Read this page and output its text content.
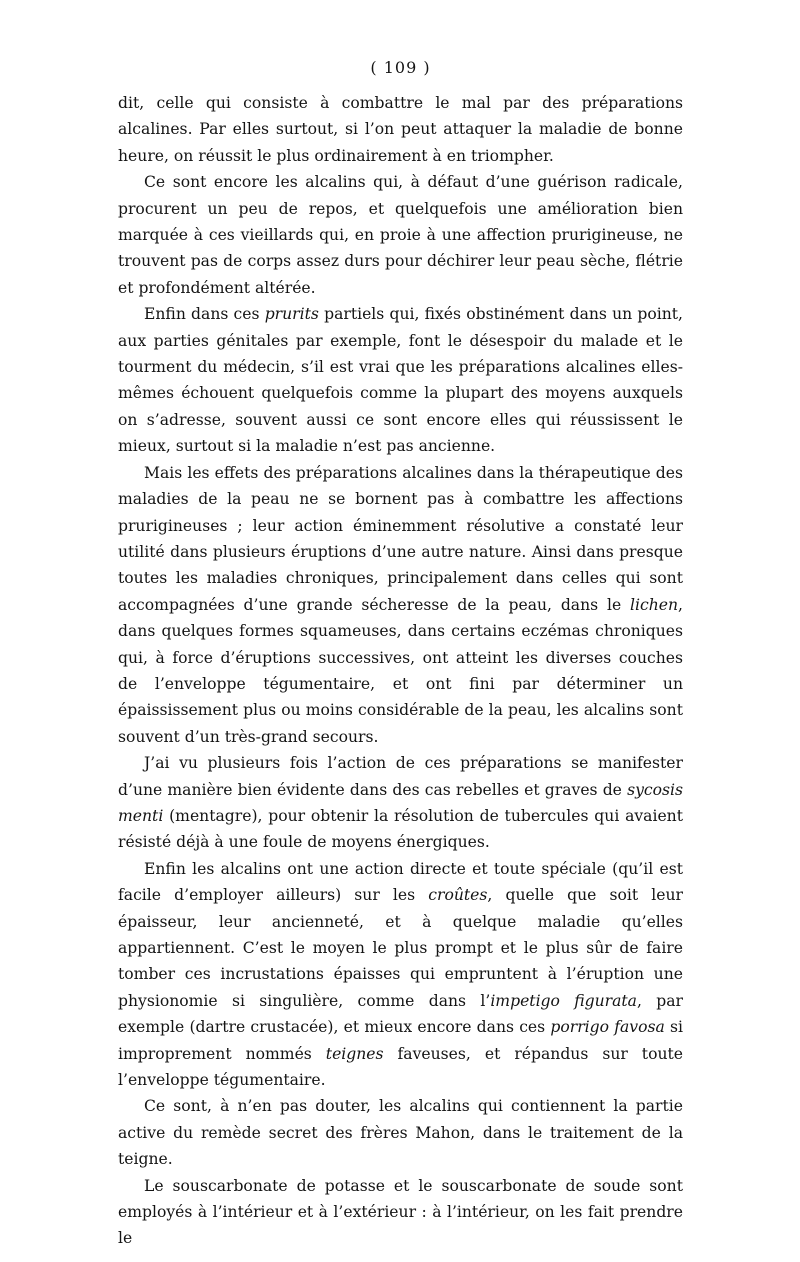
( 109 )

dit, celle qui consiste à combattre le mal par des préparations alcalines. Par elles surtout, si l’on peut attaquer la maladie de bonne heure, on réussit le plus ordinairement à en triompher.

Ce sont encore les alcalins qui, à défaut d’une guérison radicale, procurent un peu de repos, et quelquefois une amélioration bien marquée à ces vieillards qui, en proie à une affection prurigineuse, ne trouvent pas de corps assez durs pour déchirer leur peau sèche, flétrie et profondément altérée.

Enfin dans ces prurits partiels qui, fixés obstinément dans un point, aux parties génitales par exemple, font le désespoir du malade et le tourment du médecin, s’il est vrai que les préparations alcalines elles-mêmes échouent quelquefois comme la plupart des moyens auxquels on s’adresse, souvent aussi ce sont encore elles qui réussissent le mieux, surtout si la maladie n’est pas ancienne.

Mais les effets des préparations alcalines dans la thérapeutique des maladies de la peau ne se bornent pas à combattre les affections prurigineuses ; leur action éminemment résolutive a constaté leur utilité dans plusieurs éruptions d’une autre nature. Ainsi dans presque toutes les maladies chroniques, principalement dans celles qui sont accompagnées d’une grande sécheresse de la peau, dans le lichen, dans quelques formes squameuses, dans certains eczémas chroniques qui, à force d’éruptions successives, ont atteint les diverses couches de l’enveloppe tégumentaire, et ont fini par déterminer un épaississement plus ou moins considérable de la peau, les alcalins sont souvent d’un très-grand secours.

J’ai vu plusieurs fois l’action de ces préparations se manifester d’une manière bien évidente dans des cas rebelles et graves de sycosis menti (mentagre), pour obtenir la résolution de tubercules qui avaient résisté déjà à une foule de moyens énergiques.

Enfin les alcalins ont une action directe et toute spéciale (qu’il est facile d’employer ailleurs) sur les croûtes, quelle que soit leur épaisseur, leur ancienneté, et à quelque maladie qu’elles appartiennent. C’est le moyen le plus prompt et le plus sûr de faire tomber ces incrustations épaisses qui empruntent à l’éruption une physionomie si singulière, comme dans l’impetigo figurata, par exemple (dartre crustacée), et mieux encore dans ces porrigo favosa si improprement nommés teignes faveuses, et répandus sur toute l’enveloppe tégumentaire.

Ce sont, à n’en pas douter, les alcalins qui contiennent la partie active du remède secret des frères Mahon, dans le traitement de la teigne.

Le souscarbonate de potasse et le souscarbonate de soude sont employés à l’intérieur et à l’extérieur : à l’intérieur, on les fait prendre le
